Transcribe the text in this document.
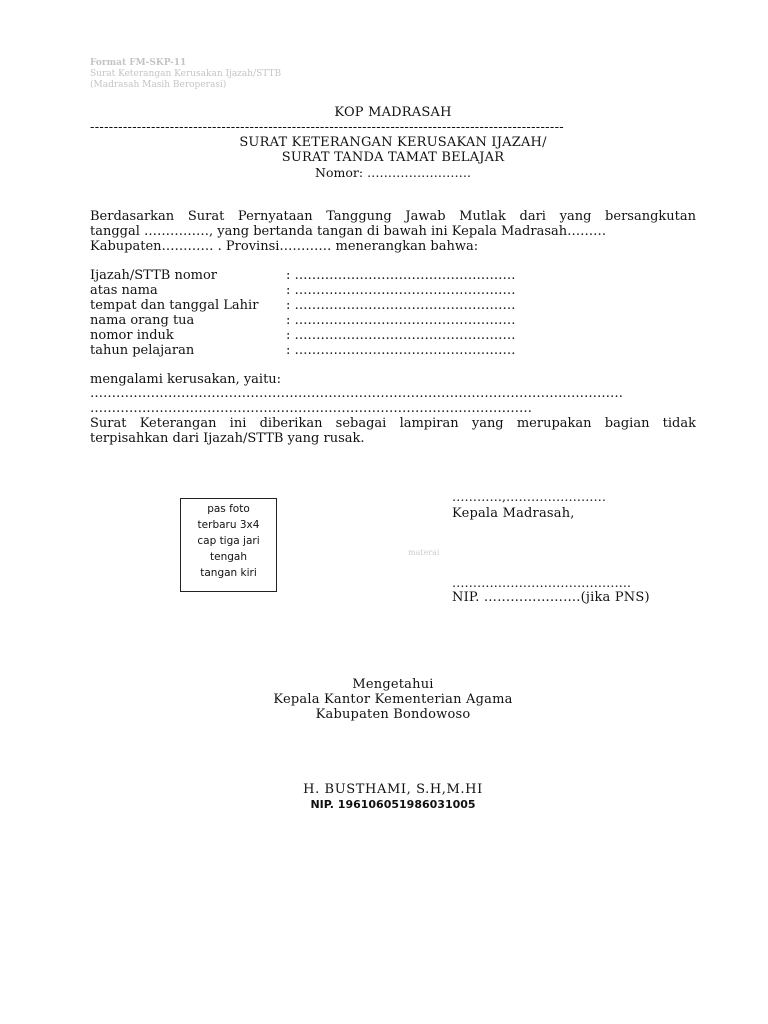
Format FM-SKP-11
Surat Keterangan Kerusakan Ijazah/STTB
(Madrasah Masih Beroperasi)
KOP MADRASAH
-----------------------------------------------------------------------------------------------------
SURAT KETERANGAN KERUSAKAN IJAZAH/
SURAT TANDA TAMAT BELAJAR
Nomor: …………………….
Berdasarkan Surat Pernyataan Tanggung Jawab Mutlak dari yang bersangkutan
tanggal ……………, yang bertanda tangan di bawah ini Kepala Madrasah………
Kabupaten………… . Provinsi………… menerangkan bahwa:
Ijazah/STTB nomor	: ……………………………………………
atas nama	: ……………………………………………
tempat dan tanggal Lahir : ……………………………………………
nama orang tua	: ……………………………………………
nomor induk	: ……………………………………………
tahun pelajaran	: ……………………………………………
mengalami kerusakan, yaitu:
……………………………………………………………………………………………………………
…………………………………………………………………………………………
Surat Keterangan ini diberikan sebagai lampiran yang merupakan bagian tidak
terpisahkan dari Ijazah/STTB yang rusak.
pas foto
terbaru 3x4
cap tiga jari
tengah
tangan kiri
materai
…………,……………………
Kepala Madrasah,
…………………………………….
NIP. ………………….(jika PNS)
Mengetahui
Kepala Kantor Kementerian Agama
Kabupaten Bondowoso
H. BUSTHAMI, S.H,M.HI
NIP. 196106051986031005
